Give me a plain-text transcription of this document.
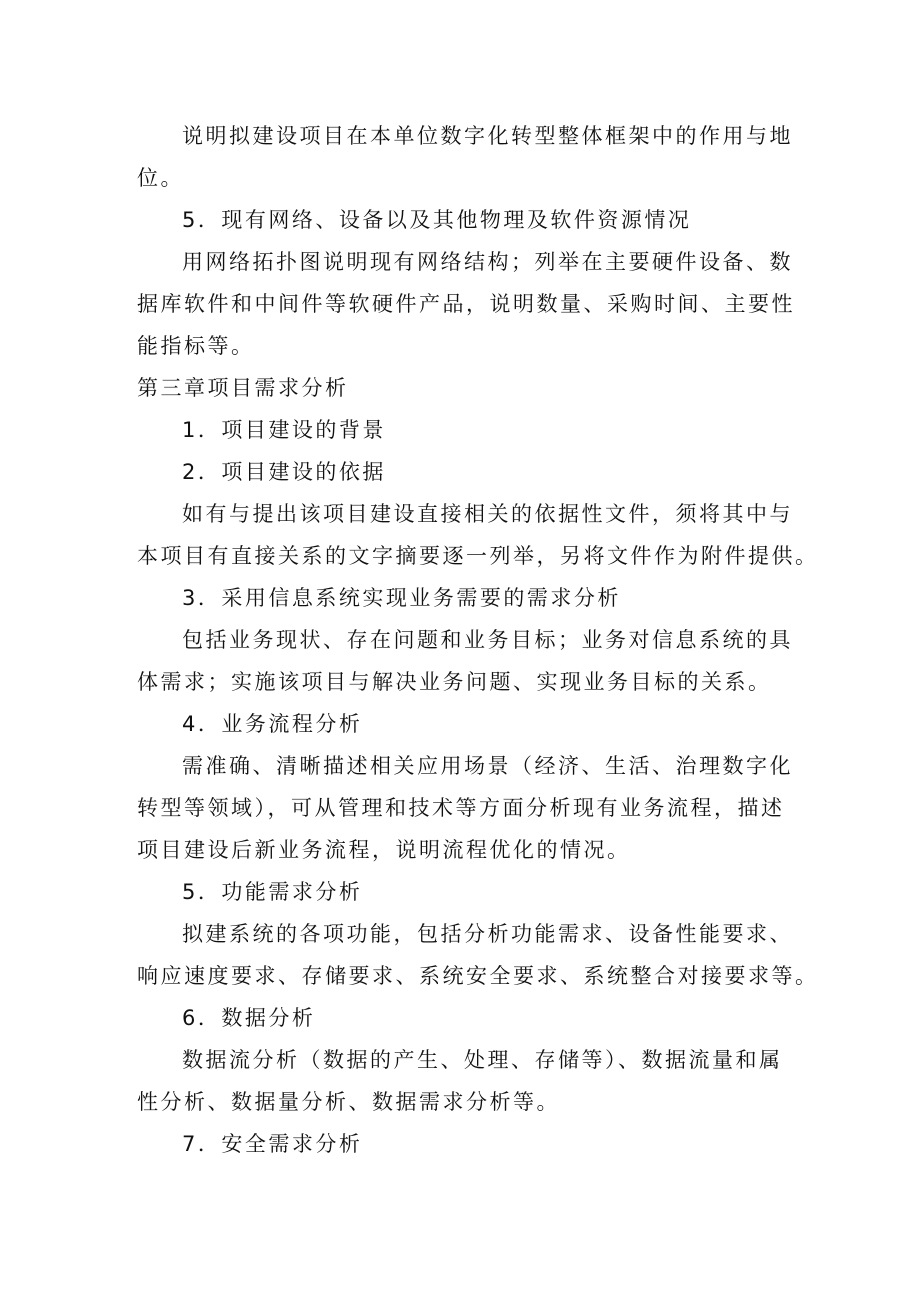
说明拟建设项目在本单位数字化转型整体框架中的作用与地
位。
5．现有网络、设备以及其他物理及软件资源情况
用网络拓扑图说明现有网络结构；列举在主要硬件设备、数
据库软件和中间件等软硬件产品，说明数量、采购时间、主要性
能指标等。
第三章项目需求分析
1．项目建设的背景
2．项目建设的依据
如有与提出该项目建设直接相关的依据性文件，须将其中与
本项目有直接关系的文字摘要逐一列举，另将文件作为附件提供。
3．采用信息系统实现业务需要的需求分析
包括业务现状、存在问题和业务目标；业务对信息系统的具
体需求；实施该项目与解决业务问题、实现业务目标的关系。
4．业务流程分析
需准确、清晰描述相关应用场景（经济、生活、治理数字化
转型等领域），可从管理和技术等方面分析现有业务流程，描述
项目建设后新业务流程，说明流程优化的情况。
5．功能需求分析
拟建系统的各项功能，包括分析功能需求、设备性能要求、
响应速度要求、存储要求、系统安全要求、系统整合对接要求等。
6．数据分析
数据流分析（数据的产生、处理、存储等）、数据流量和属
性分析、数据量分析、数据需求分析等。
7．安全需求分析
